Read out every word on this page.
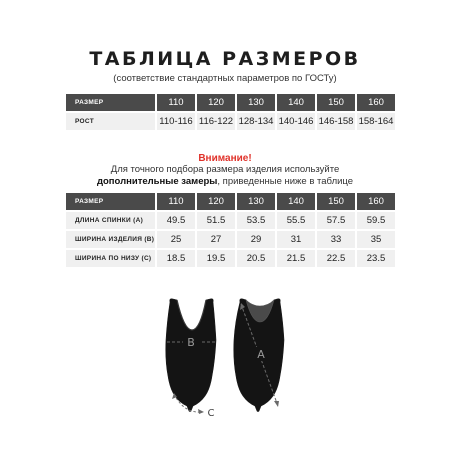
ТАБЛИЦА РАЗМЕРОВ
(соответствие стандартных параметров по ГОСТу)
РАЗМЕР	110	120	130	140	150	160
РОСТ	110-116	116-122	128-134	140-146	146-158	158-164
Внимание!
Для точного подбора размера изделия используйте
дополнительные замеры, приведенные ниже в таблице
РАЗМЕР	110	120	130	140	150	160
ДЛИНА СПИНКИ (А)	49.5	51.5	53.5	55.5	57.5	59.5
ШИРИНА ИЗДЕЛИЯ (B)	25	27	29	31	33	35
ШИРИНА ПО НИЗУ (C)	18.5	19.5	20.5	21.5	22.5	23.5
B
C
A
